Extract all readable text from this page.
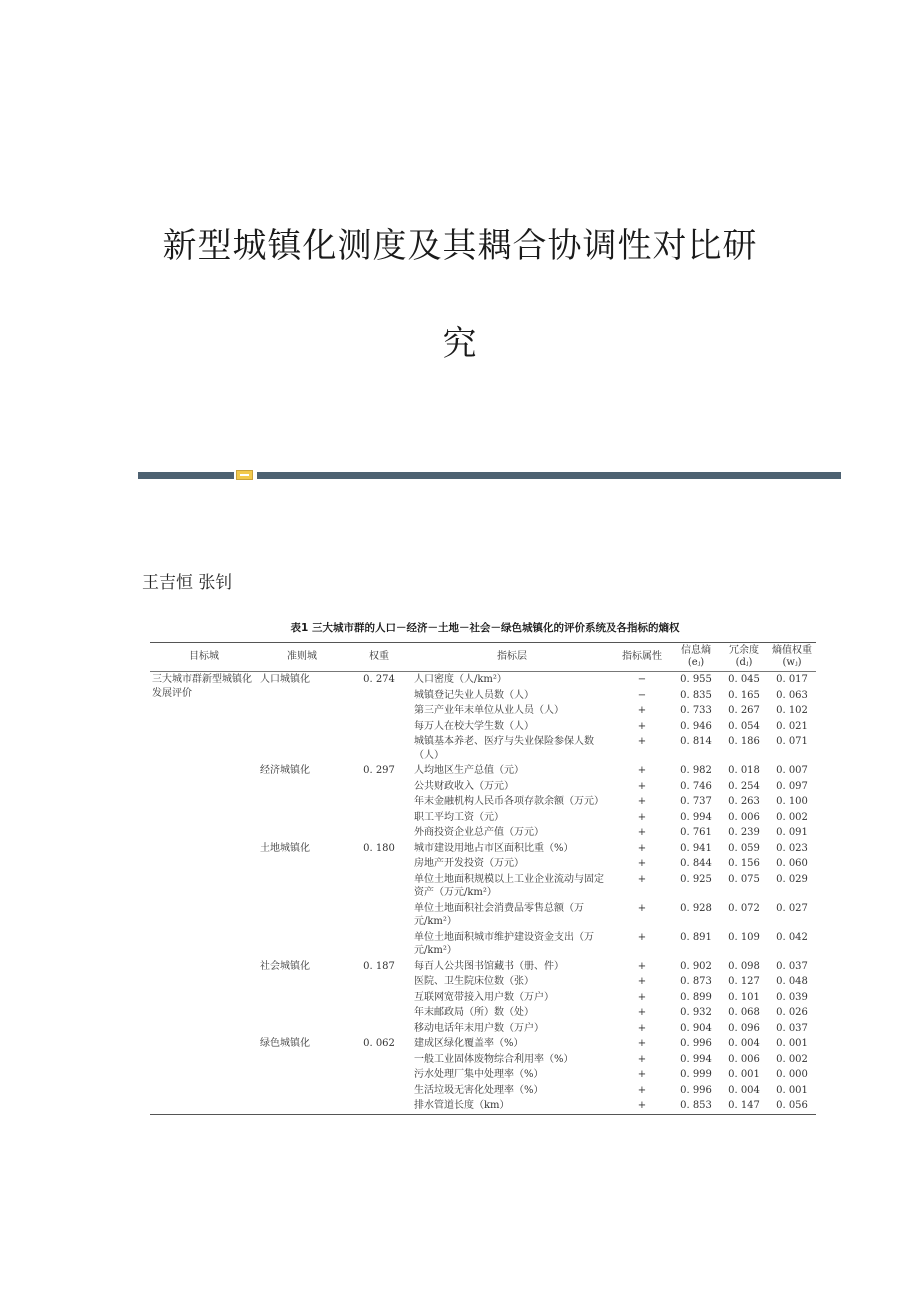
新型城镇化测度及其耦合协调性对比研
究

王吉恒 张钊

表1 三大城市群的人口－经济－土地－社会－绿色城镇化的评价系统及各指标的熵权

目标城	准则城	权重	指标层	指标属性	信息熵(eⱼ)	冗余度(dⱼ)	熵值权重(wⱼ)
三大城市群新型城镇化发展评价	人口城镇化	0. 274	人口密度（人/km²）	−	0. 955	0. 045	0. 017
			城镇登记失业人员数（人）	−	0. 835	0. 165	0. 063
			第三产业年末单位从业人员（人）	+	0. 733	0. 267	0. 102
			每万人在校大学生数（人）	+	0. 946	0. 054	0. 021
			城镇基本养老、医疗与失业保险参保人数（人）	+	0. 814	0. 186	0. 071
	经济城镇化	0. 297	人均地区生产总值（元）	+	0. 982	0. 018	0. 007
			公共财政收入（万元）	+	0. 746	0. 254	0. 097
			年末金融机构人民币各项存款余额（万元）	+	0. 737	0. 263	0. 100
			职工平均工资（元）	+	0. 994	0. 006	0. 002
			外商投资企业总产值（万元）	+	0. 761	0. 239	0. 091
	土地城镇化	0. 180	城市建设用地占市区面积比重（%）	+	0. 941	0. 059	0. 023
			房地产开发投资（万元）	+	0. 844	0. 156	0. 060
			单位土地面积规模以上工业企业流动与固定资产（万元/km²）	+	0. 925	0. 075	0. 029
			单位土地面积社会消费品零售总额（万元/km²）	+	0. 928	0. 072	0. 027
			单位土地面积城市维护建设资金支出（万元/km²）	+	0. 891	0. 109	0. 042
	社会城镇化	0. 187	每百人公共图书馆藏书（册、件）	+	0. 902	0. 098	0. 037
			医院、卫生院床位数（张）	+	0. 873	0. 127	0. 048
			互联网宽带接入用户数（万户）	+	0. 899	0. 101	0. 039
			年末邮政局（所）数（处）	+	0. 932	0. 068	0. 026
			移动电话年末用户数（万户）	+	0. 904	0. 096	0. 037
	绿色城镇化	0. 062	建成区绿化覆盖率（%）	+	0. 996	0. 004	0. 001
			一般工业固体废物综合利用率（%）	+	0. 994	0. 006	0. 002
			污水处理厂集中处理率（%）	+	0. 999	0. 001	0. 000
			生活垃圾无害化处理率（%）	+	0. 996	0. 004	0. 001
			排水管道长度（km）	+	0. 853	0. 147	0. 056
